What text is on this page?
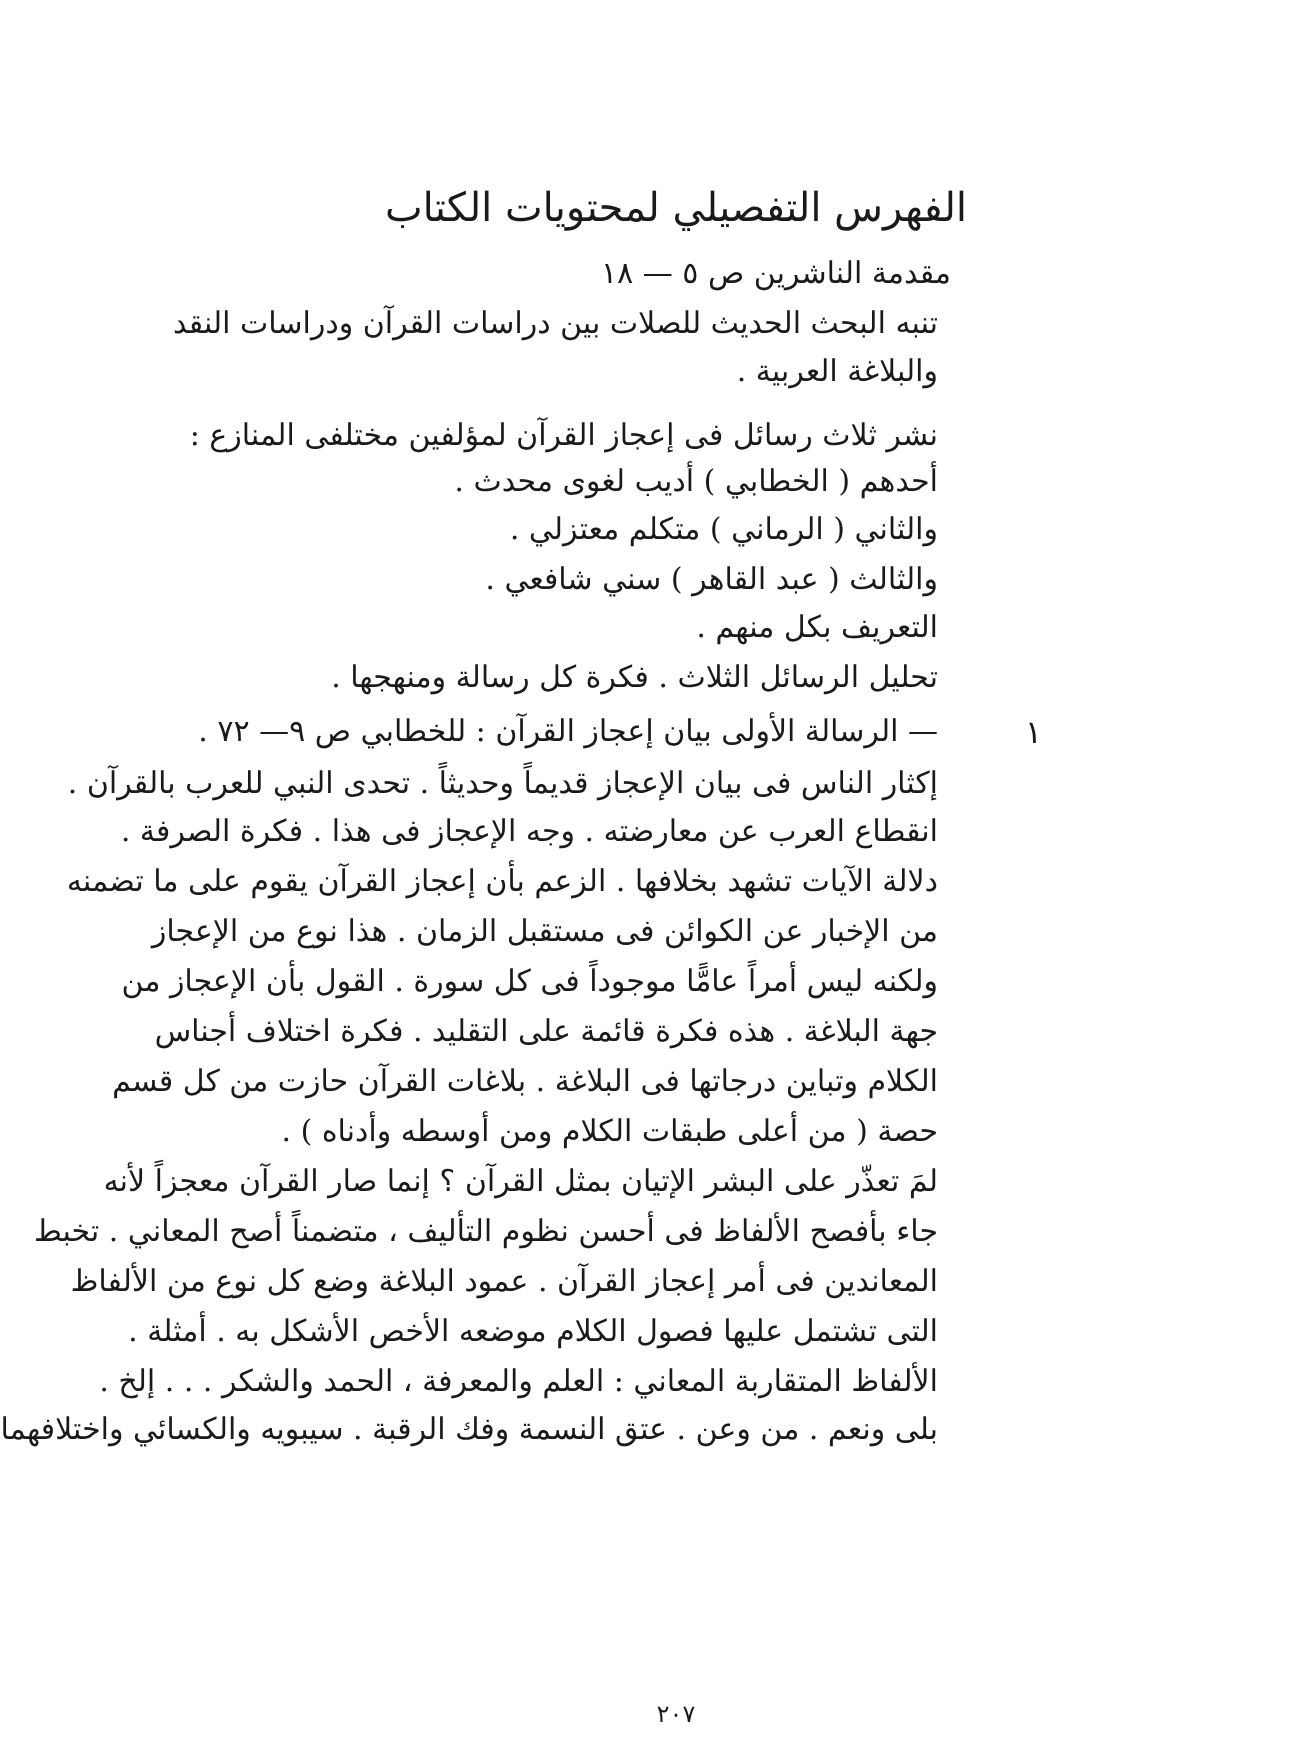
الفهرس التفصيلي لمحتويات الكتاب
مقدمة الناشرين ص ٥ — ١٨
تنبه البحث الحديث للصلات بين دراسات القرآن ودراسات النقد
والبلاغة العربية .
نشر ثلاث رسائل فى إعجاز القرآن لمؤلفين مختلفى المنازع :
أحدهم ( الخطابي ) أديب لغوى محدث .
والثاني ( الرماني ) متكلم معتزلي .
والثالث ( عبد القاهر ) سني شافعي .
التعريف بكل منهم .
تحليل الرسائل الثلاث . فكرة كل رسالة ومنهجها .
١
— الرسالة الأولى بيان إعجاز القرآن : للخطابي ص ٩— ٧٢ .
إكثار الناس فى بيان الإعجاز قديماً وحديثاً . تحدى النبي للعرب بالقرآن .
انقطاع العرب عن معارضته . وجه الإعجاز فى هذا . فكرة الصرفة .
دلالة الآيات تشهد بخلافها . الزعم بأن إعجاز القرآن يقوم على ما تضمنه
من الإخبار عن الكوائن فى مستقبل الزمان . هذا نوع من الإعجاز
ولكنه ليس أمراً عامًّا موجوداً فى كل سورة . القول بأن الإعجاز من
جهة البلاغة . هذه فكرة قائمة على التقليد . فكرة اختلاف أجناس
الكلام وتباين درجاتها فى البلاغة . بلاغات القرآن حازت من كل قسم
حصة ( من أعلى طبقات الكلام ومن أوسطه وأدناه ) .
لمَ تعذّر على البشر الإتيان بمثل القرآن ؟ إنما صار القرآن معجزاً لأنه
جاء بأفصح الألفاظ فى أحسن نظوم التأليف ، متضمناً أصح المعاني . تخبط
المعاندين فى أمر إعجاز القرآن . عمود البلاغة وضع كل نوع من الألفاظ
التى تشتمل عليها فصول الكلام موضعه الأخص الأشكل به . أمثلة .
الألفاظ المتقاربة المعاني : العلم والمعرفة ، الحمد والشكر . . . إلخ .
بلى ونعم . من وعن . عتق النسمة وفك الرقبة . سيبويه والكسائي واختلافهما
٢٠٧
